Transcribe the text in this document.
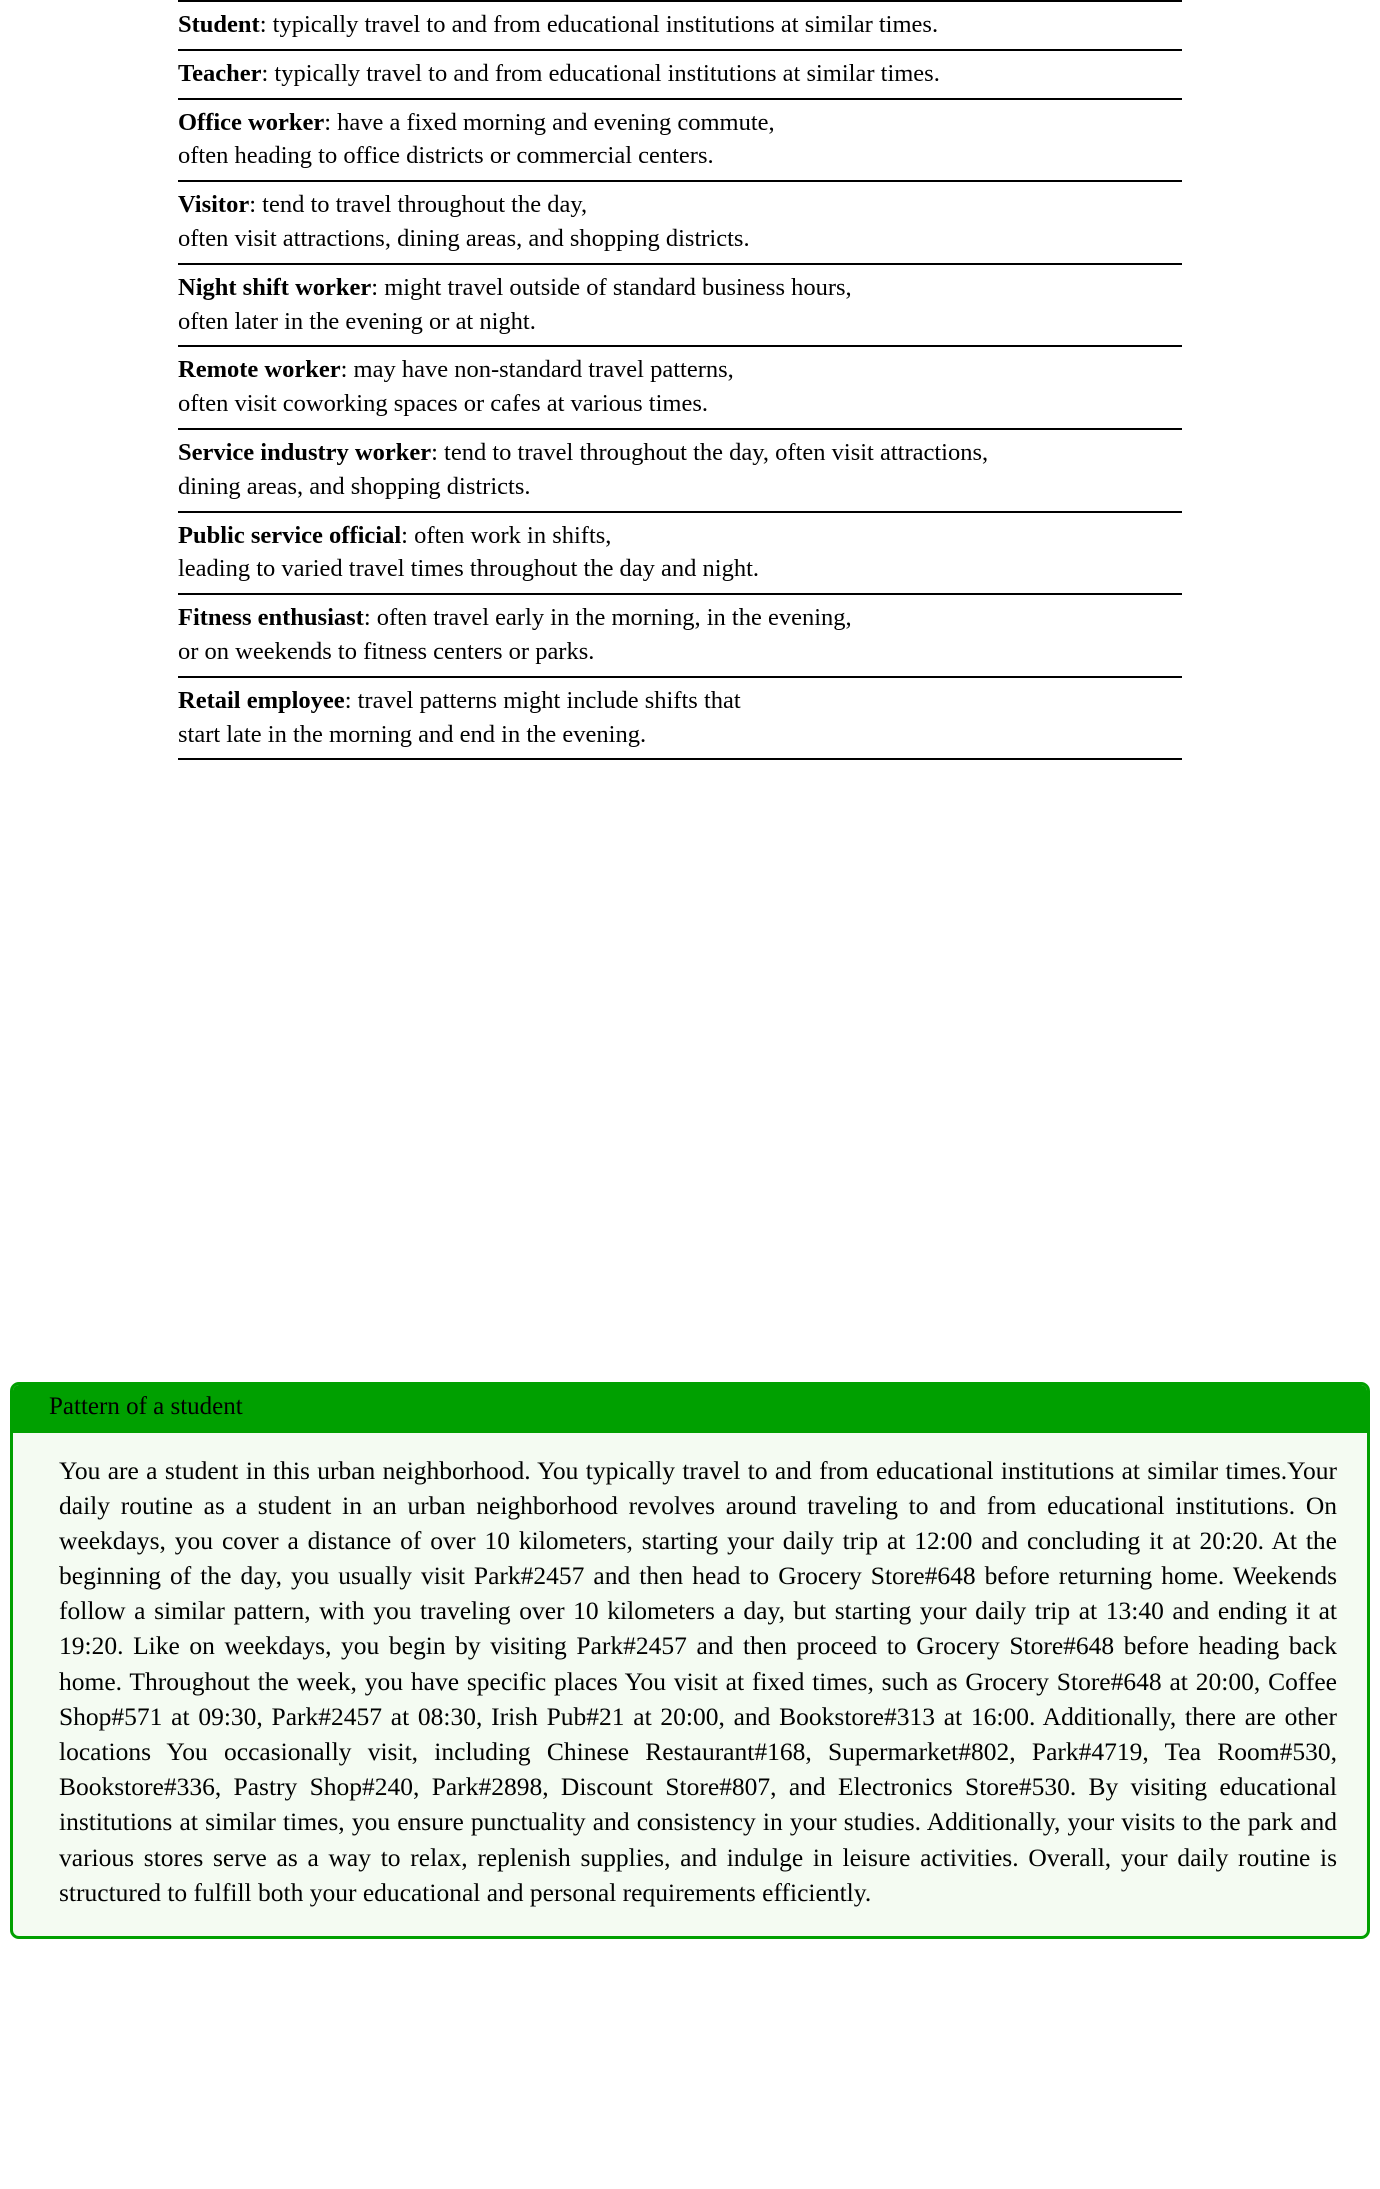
Student: typically travel to and from educational institutions at similar times.
Teacher: typically travel to and from educational institutions at similar times.
Office worker: have a fixed morning and evening commute,
often heading to office districts or commercial centers.
Visitor: tend to travel throughout the day,
often visit attractions, dining areas, and shopping districts.
Night shift worker: might travel outside of standard business hours,
often later in the evening or at night.
Remote worker: may have non-standard travel patterns,
often visit coworking spaces or cafes at various times.
Service industry worker: tend to travel throughout the day, often visit attractions,
dining areas, and shopping districts.
Public service official: often work in shifts,
leading to varied travel times throughout the day and night.
Fitness enthusiast: often travel early in the morning, in the evening,
or on weekends to fitness centers or parks.
Retail employee: travel patterns might include shifts that
start late in the morning and end in the evening.
Pattern of a student
You are a student in this urban neighborhood. You typically travel to and from educational institutions at similar times.Your daily routine as a student in an urban neighborhood revolves around traveling to and from educational institutions. On weekdays, you cover a distance of over 10 kilometers, starting your daily trip at 12:00 and concluding it at 20:20. At the beginning of the day, you usually visit Park#2457 and then head to Grocery Store#648 before returning home. Weekends follow a similar pattern, with you traveling over 10 kilometers a day, but starting your daily trip at 13:40 and ending it at 19:20. Like on weekdays, you begin by visiting Park#2457 and then proceed to Grocery Store#648 before heading back home. Throughout the week, you have specific places You visit at fixed times, such as Grocery Store#648 at 20:00, Coffee Shop#571 at 09:30, Park#2457 at 08:30, Irish Pub#21 at 20:00, and Bookstore#313 at 16:00. Additionally, there are other locations You occasionally visit, including Chinese Restaurant#168, Supermarket#802, Park#4719, Tea Room#530, Bookstore#336, Pastry Shop#240, Park#2898, Discount Store#807, and Electronics Store#530. By visiting educational institutions at similar times, you ensure punctuality and consistency in your studies. Additionally, your visits to the park and various stores serve as a way to relax, replenish supplies, and indulge in leisure activities. Overall, your daily routine is structured to fulfill both your educational and personal requirements efficiently.
